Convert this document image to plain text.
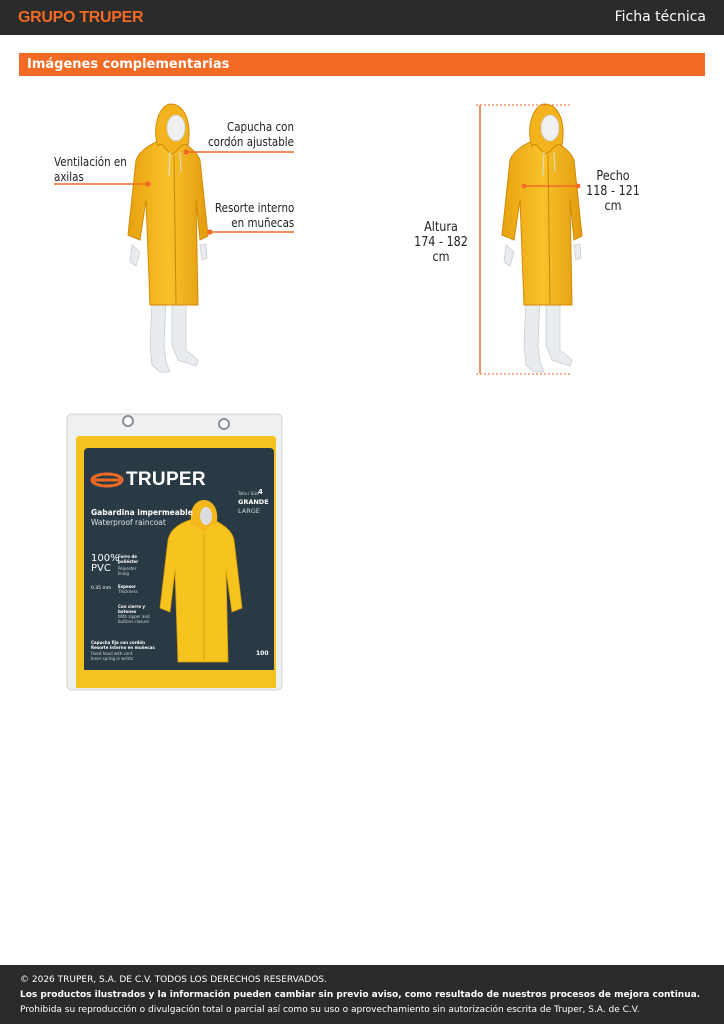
GRUPO TRUPER	Ficha técnica
Imágenes complementarias
Capucha con
cordón ajustable
Ventilación en
axilas
Resorte interno
en muñecas
Pecho
118 - 121 cm
Altura
174 - 182 cm
TRUPER
Gabardina impermeable
Waterproof raincoat
100%
PVC
Forro de poliéster
Polyester lining
0.35 mm Espesor
Thickness
Con cierre y botones
With zipper and buttons closure
Capucha fija con cordón
Resorte interno en muñecas
Fixed hood with cord
Inner spring in wrists
Talla / Size
4
GRANDE
LARGE
100
© 2026 TRUPER, S.A. DE C.V. TODOS LOS DERECHOS RESERVADOS.
Los productos ilustrados y la información pueden cambiar sin previo aviso, como resultado de nuestros procesos de mejora continua.
Prohibida su reproducción o divulgación total o parcial así como su uso o aprovechamiento sin autorización escrita de Truper, S.A. de C.V.
